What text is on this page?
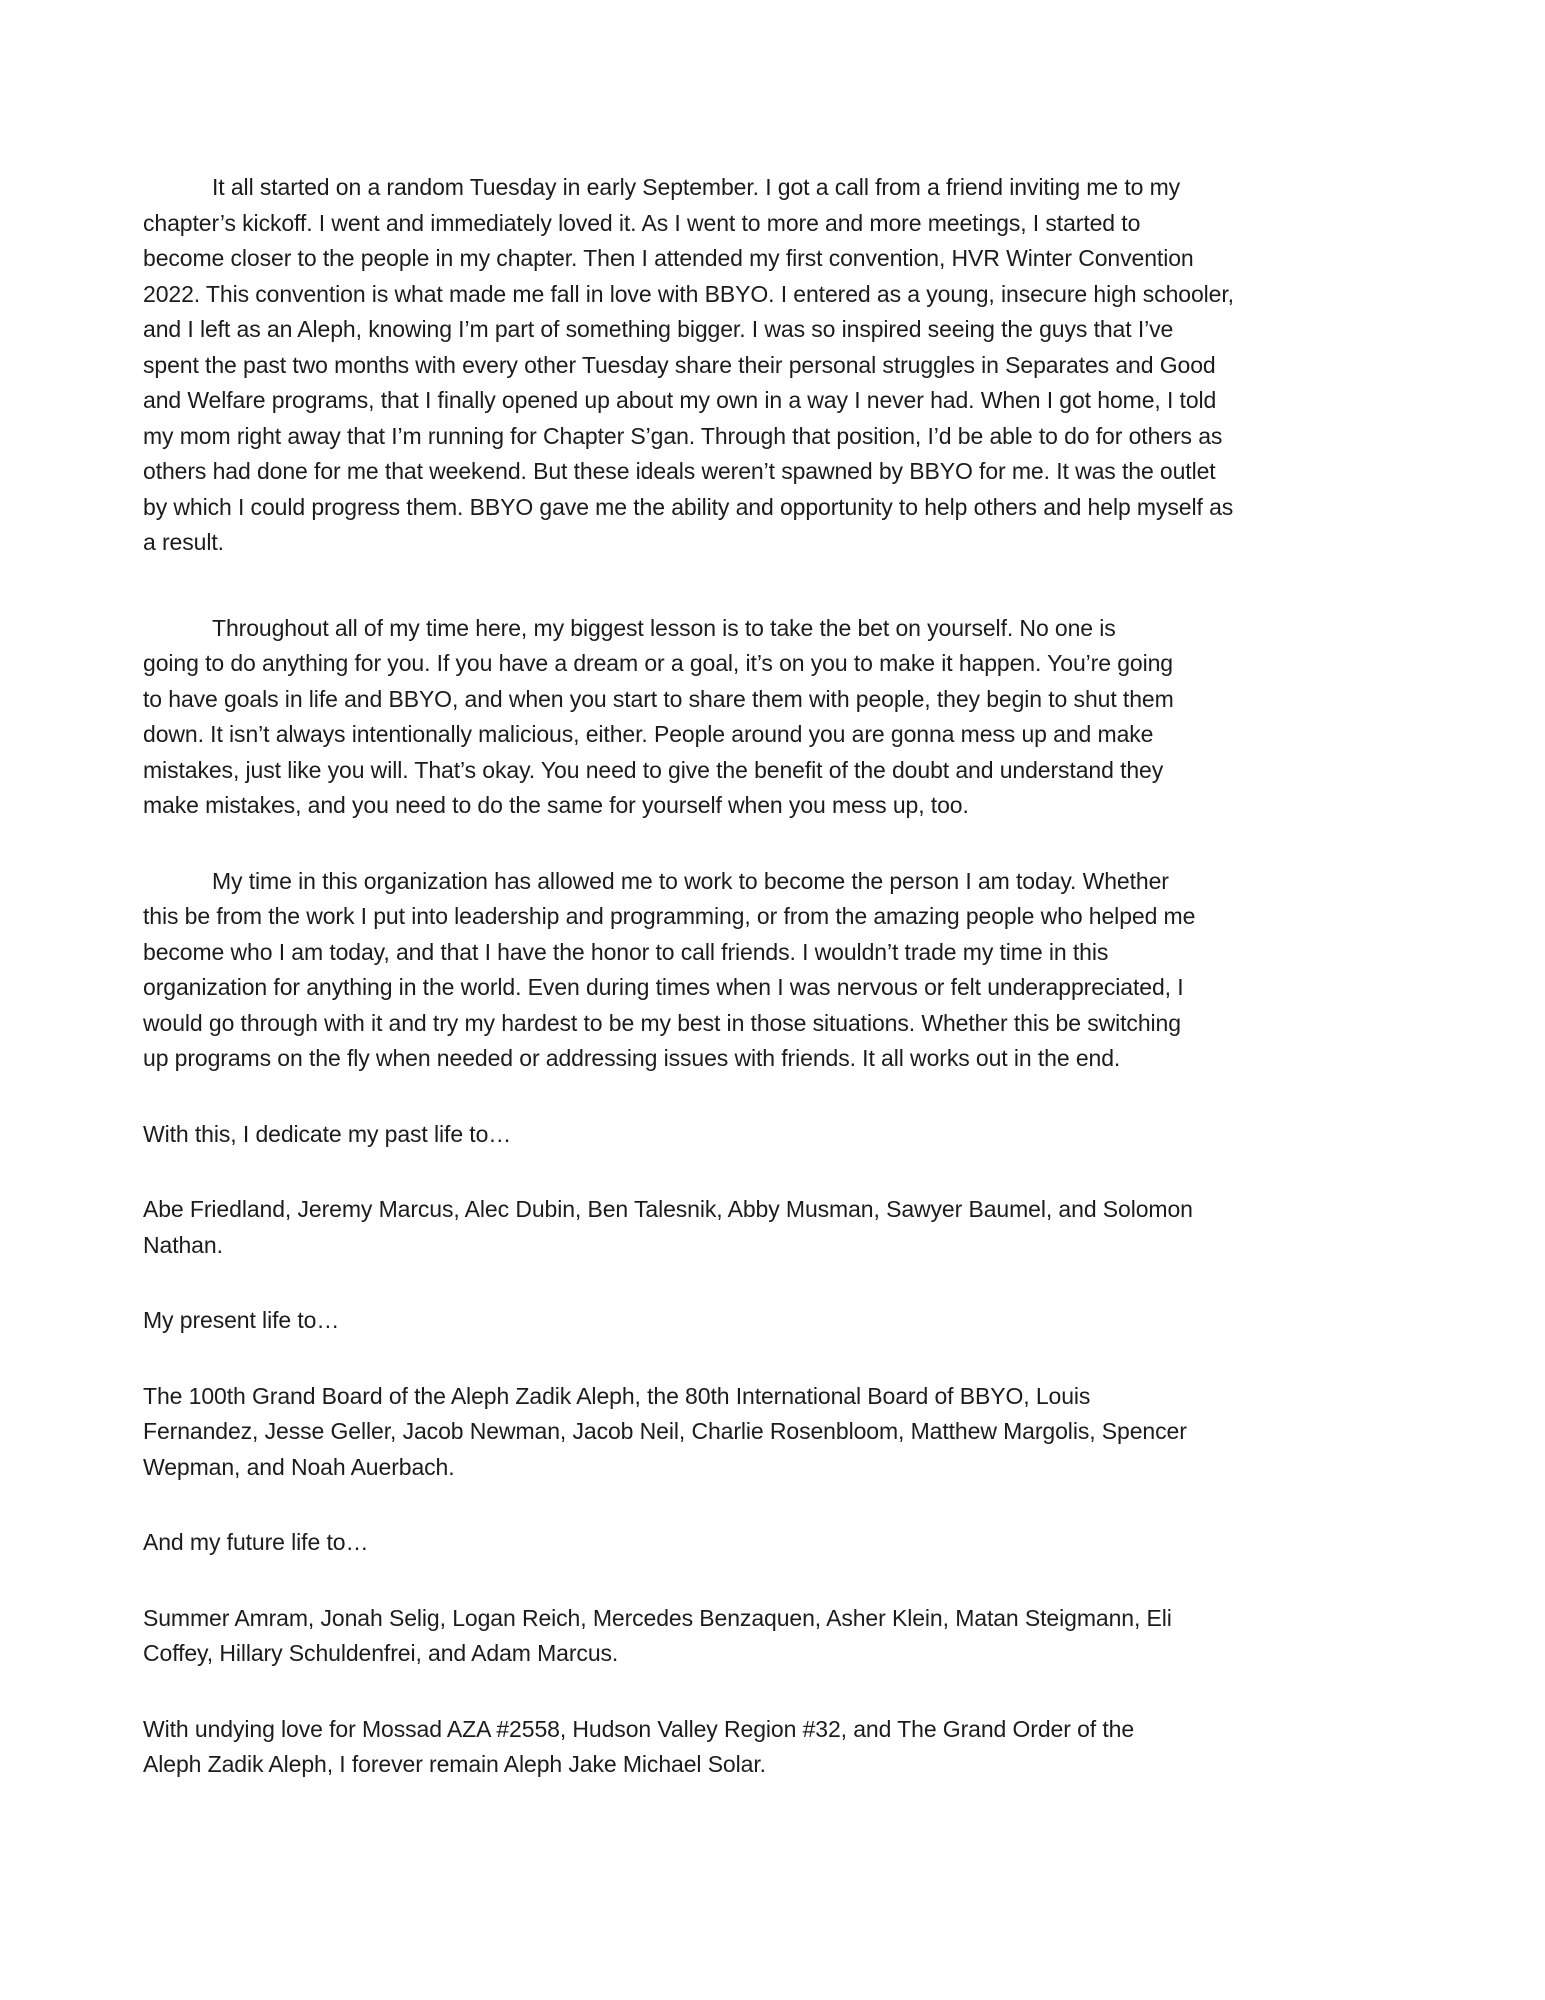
It all started on a random Tuesday in early September. I got a call from a friend inviting me to my
chapter’s kickoff. I went and immediately loved it. As I went to more and more meetings, I started to
become closer to the people in my chapter. Then I attended my first convention, HVR Winter Convention
2022. This convention is what made me fall in love with BBYO. I entered as a young, insecure high schooler,
and I left as an Aleph, knowing I’m part of something bigger. I was so inspired seeing the guys that I’ve
spent the past two months with every other Tuesday share their personal struggles in Separates and Good
and Welfare programs, that I finally opened up about my own in a way I never had. When I got home, I told
my mom right away that I’m running for Chapter S’gan. Through that position, I’d be able to do for others as
others had done for me that weekend. But these ideals weren’t spawned by BBYO for me. It was the outlet
by which I could progress them. BBYO gave me the ability and opportunity to help others and help myself as
a result.

Throughout all of my time here, my biggest lesson is to take the bet on yourself. No one is
going to do anything for you. If you have a dream or a goal, it’s on you to make it happen. You’re going
to have goals in life and BBYO, and when you start to share them with people, they begin to shut them
down. It isn’t always intentionally malicious, either. People around you are gonna mess up and make
mistakes, just like you will. That’s okay. You need to give the benefit of the doubt and understand they
make mistakes, and you need to do the same for yourself when you mess up, too.

My time in this organization has allowed me to work to become the person I am today. Whether
this be from the work I put into leadership and programming, or from the amazing people who helped me
become who I am today, and that I have the honor to call friends. I wouldn’t trade my time in this
organization for anything in the world. Even during times when I was nervous or felt underappreciated, I
would go through with it and try my hardest to be my best in those situations. Whether this be switching
up programs on the fly when needed or addressing issues with friends. It all works out in the end.

With this, I dedicate my past life to…

Abe Friedland, Jeremy Marcus, Alec Dubin, Ben Talesnik, Abby Musman, Sawyer Baumel, and Solomon
Nathan.

My present life to…

The 100th Grand Board of the Aleph Zadik Aleph, the 80th International Board of BBYO, Louis
Fernandez, Jesse Geller, Jacob Newman, Jacob Neil, Charlie Rosenbloom, Matthew Margolis, Spencer
Wepman, and Noah Auerbach.

And my future life to…

Summer Amram, Jonah Selig, Logan Reich, Mercedes Benzaquen, Asher Klein, Matan Steigmann, Eli
Coffey, Hillary Schuldenfrei, and Adam Marcus.

With undying love for Mossad AZA #2558, Hudson Valley Region #32, and The Grand Order of the
Aleph Zadik Aleph, I forever remain Aleph Jake Michael Solar.
